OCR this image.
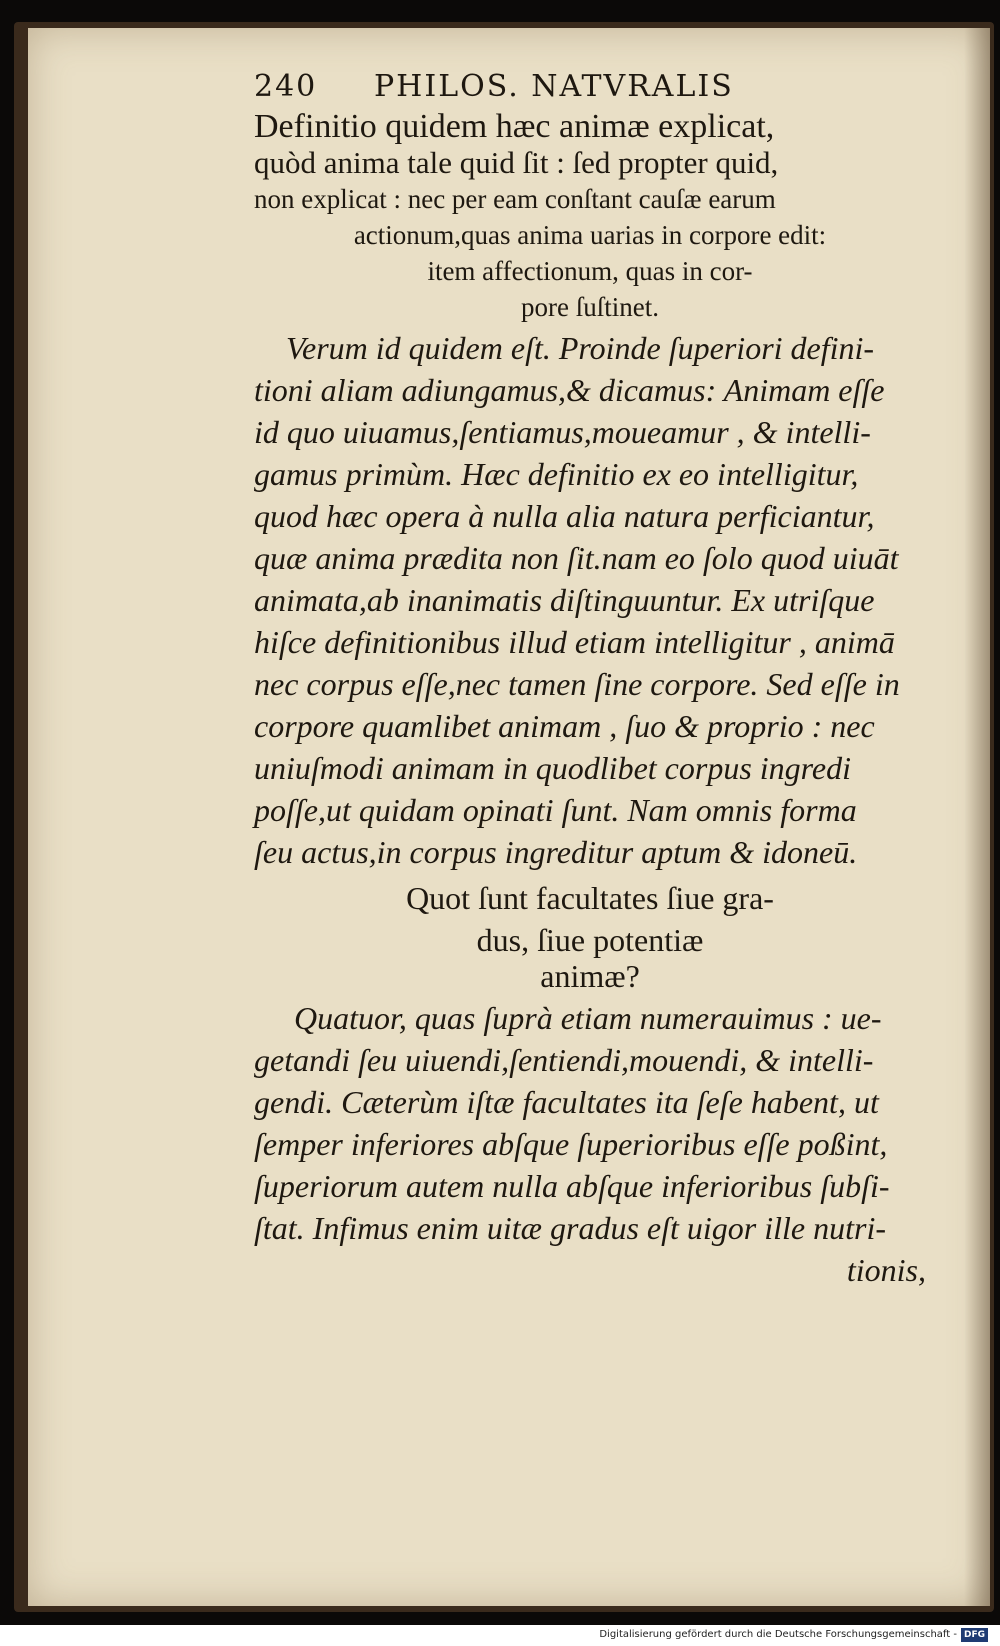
240 PHILOS. NATVRALIS
Definitio quidem hæc animæ explicat,
quòd anima tale quid ſit : ſed propter quid,
non explicat : nec per eam conſtant cauſæ earum
actionum,quas anima uarias in corpore edit:
item affectionum, quas in cor-
pore ſuſtinet.
Verum id quidem eſt. Proinde ſuperiori defini-
tioni aliam adiungamus,& dicamus: Animam eſſe
id quo uiuamus,ſentiamus,moueamur , & intelli-
gamus primùm. Hæc definitio ex eo intelligitur,
quod hæc opera à nulla alia natura perficiantur,
quæ anima prædita non ſit.nam eo ſolo quod uiuāt
animata,ab inanimatis diſtinguuntur. Ex utriſque
hiſce definitionibus illud etiam intelligitur , animā
nec corpus eſſe,nec tamen ſine corpore. Sed eſſe in
corpore quamlibet animam , ſuo & proprio : nec
uniuſmodi animam in quodlibet corpus ingredi
poſſe,ut quidam opinati ſunt. Nam omnis forma
ſeu actus,in corpus ingreditur aptum & idoneū.
Quot ſunt facultates ſiue gra-
dus, ſiue potentiæ
animæ?
Quatuor, quas ſuprà etiam numerauimus : ue-
getandi ſeu uiuendi,ſentiendi,mouendi, & intelli-
gendi. Cæterùm iſtæ facultates ita ſeſe habent, ut
ſemper inferiores abſque ſuperioribus eſſe poßint,
ſuperiorum autem nulla abſque inferioribus ſubſi-
ſtat. Infimus enim uitæ gradus eſt uigor ille nutri-
tionis,
Digitalisierung gefördert durch die Deutsche Forschungsgemeinschaft - DFG
